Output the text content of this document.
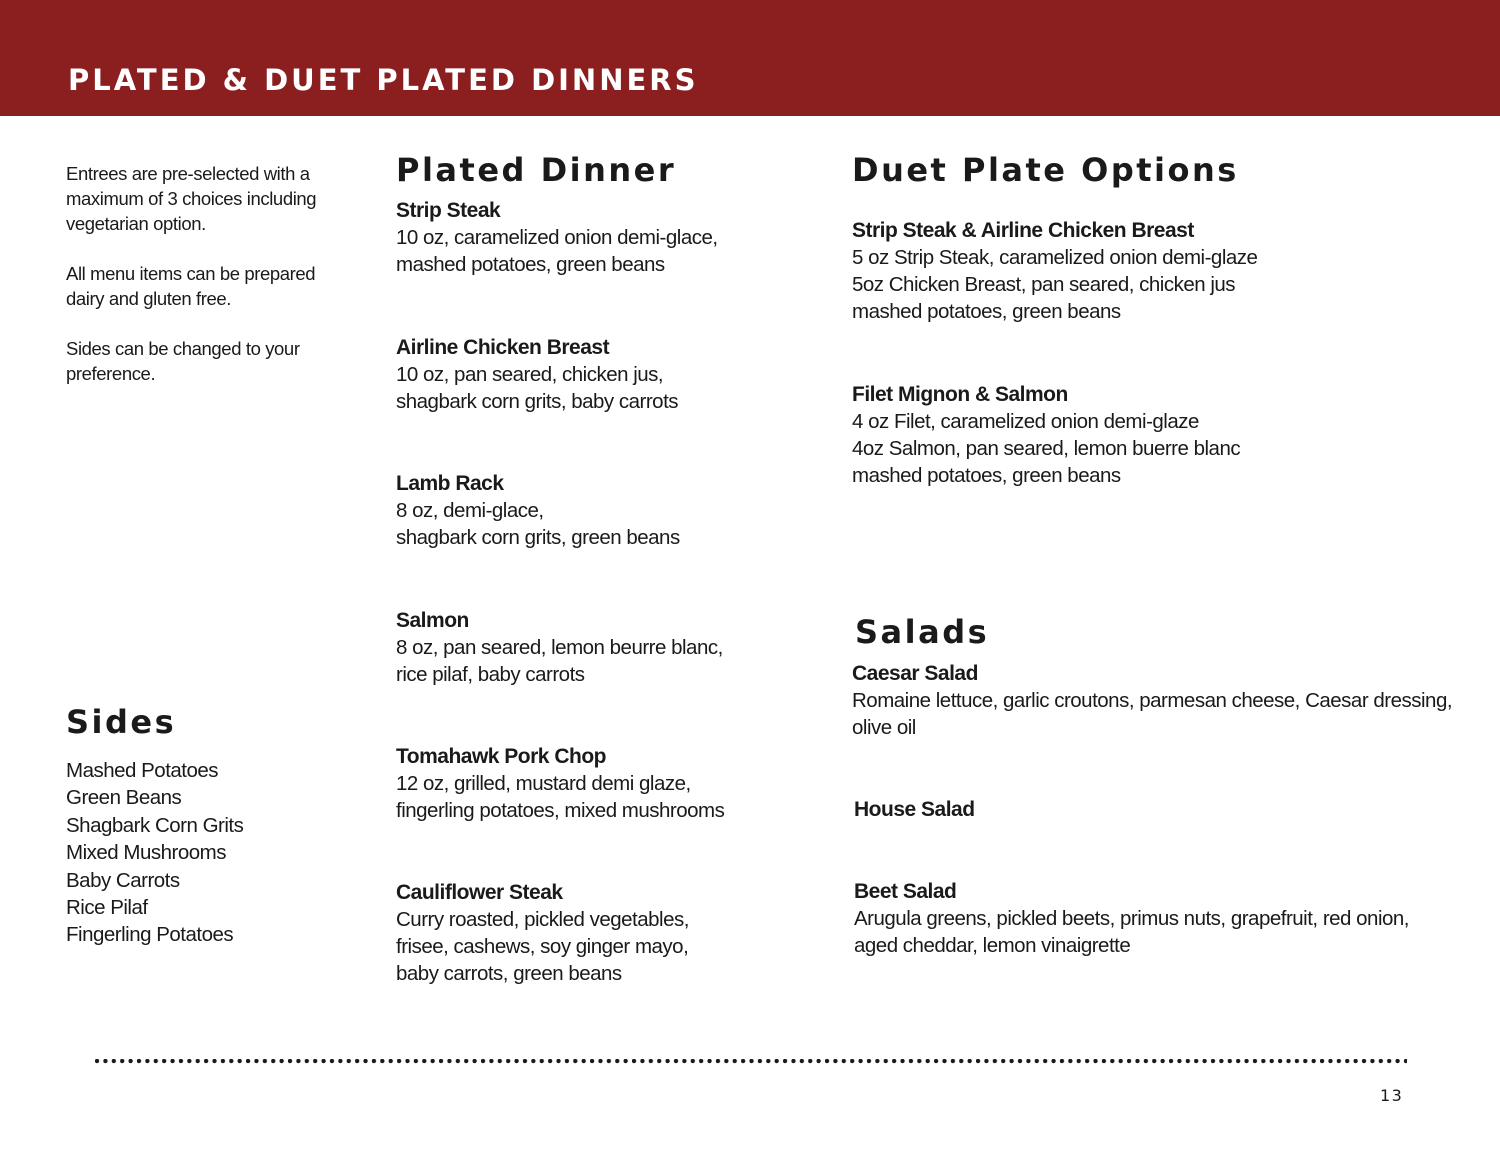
PLATED & DUET PLATED DINNERS

Entrees are pre-selected with a maximum of 3 choices including vegetarian option.

All menu items can be prepared dairy and gluten free.

Sides can be changed to your preference.

Sides
Mashed Potatoes
Green Beans
Shagbark Corn Grits
Mixed Mushrooms
Baby Carrots
Rice Pilaf
Fingerling Potatoes
Plated Dinner
Strip Steak
10 oz, caramelized onion demi-glace,
mashed potatoes, green beans
Airline Chicken Breast
10 oz, pan seared, chicken jus,
shagbark corn grits, baby carrots
Lamb Rack
8 oz, demi-glace,
shagbark corn grits, green beans
Salmon
8 oz, pan seared, lemon beurre blanc,
rice pilaf, baby carrots
Tomahawk Pork Chop
12 oz, grilled, mustard demi glaze,
fingerling potatoes, mixed mushrooms
Cauliflower Steak
Curry roasted, pickled vegetables,
frisee, cashews, soy ginger mayo,
baby carrots, green beans
Duet Plate Options
Strip Steak & Airline Chicken Breast
5 oz Strip Steak, caramelized onion demi-glaze
5oz Chicken Breast, pan seared, chicken jus
mashed potatoes, green beans
Filet Mignon & Salmon
4 oz Filet, caramelized onion demi-glaze
4oz Salmon, pan seared, lemon buerre blanc
mashed potatoes, green beans
Salads
Caesar Salad
Romaine lettuce, garlic croutons, parmesan cheese, Caesar dressing,
olive oil
House Salad
Beet Salad
Arugula greens, pickled beets, primus nuts, grapefruit, red onion,
aged cheddar, lemon vinaigrette
13
